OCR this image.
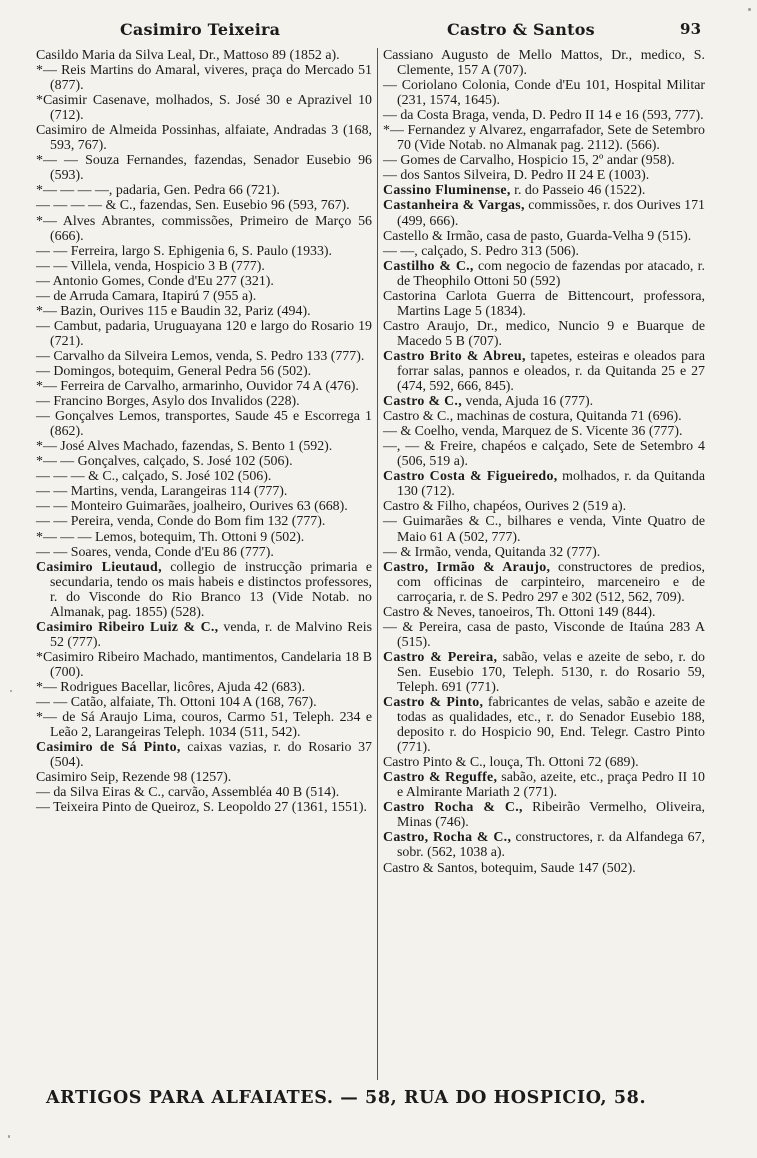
Casimiro Teixeira	Castro & Santos	93

Casildo Maria da Silva Leal, Dr., Mattoso 89 (1852 a).

*— Reis Martins do Amaral, viveres, praça do Mercado 51 (877).

*Casimir Casenave, molhados, S. José 30 e Aprazivel 10 (712).

Casimiro de Almeida Possinhas, alfaiate, Andradas 3 (168, 593, 767).

*— — Souza Fernandes, fazendas, Senador Eusebio 96 (593).

*— — — —, padaria, Gen. Pedra 66 (721).

— — — — & C., fazendas, Sen. Eusebio 96 (593, 767).

*— Alves Abrantes, commissões, Primeiro de Março 56 (666).

— — Ferreira, largo S. Ephigenia 6, S. Paulo (1933).

— — Villela, venda, Hospicio 3 B (777).

— Antonio Gomes, Conde d'Eu 277 (321).

— de Arruda Camara, Itapirú 7 (955 a).

*— Bazin, Ourives 115 e Baudin 32, Pariz (494).

— Cambut, padaria, Uruguayana 120 e largo do Rosario 19 (721).

— Carvalho da Silveira Lemos, venda, S. Pedro 133 (777).

— Domingos, botequim, General Pedra 56 (502).

*— Ferreira de Carvalho, armarinho, Ouvidor 74 A (476).

— Francino Borges, Asylo dos Invalidos (228).

— Gonçalves Lemos, transportes, Saude 45 e Escorrega 1 (862).

*— José Alves Machado, fazendas, S. Bento 1 (592).

*— — Gonçalves, calçado, S. José 102 (506).

— — — & C., calçado, S. José 102 (506).

— — Martins, venda, Larangeiras 114 (777).

— — Monteiro Guimarães, joalheiro, Ourives 63 (668).

— — Pereira, venda, Conde do Bom fim 132 (777).

*— — — Lemos, botequim, Th. Ottoni 9 (502).

— — Soares, venda, Conde d'Eu 86 (777).

Casimiro Lieutaud, collegio de instrucção primaria e secundaria, tendo os mais habeis e distinctos professores, r. do Visconde do Rio Branco 13 (Vide Notab. no Almanak, pag. 1855) (528).

Casimiro Ribeiro Luiz & C., venda, r. de Malvino Reis 52 (777).

*Casimiro Ribeiro Machado, mantimentos, Candelaria 18 B (700).

*— Rodrigues Bacellar, licôres, Ajuda 42 (683).

— — Catão, alfaiate, Th. Ottoni 104 A (168, 767).

*— de Sá Araujo Lima, couros, Carmo 51, Teleph. 234 e Leão 2, Larangeiras Teleph. 1034 (511, 542).

Casimiro de Sá Pinto, caixas vazias, r. do Rosario 37 (504).

Casimiro Seip, Rezende 98 (1257).

— da Silva Eiras & C., carvão, Assembléa 40 B (514).

— Teixeira Pinto de Queiroz, S. Leopoldo 27 (1361, 1551).

Cassiano Augusto de Mello Mattos, Dr., medico, S. Clemente, 157 A (707).

— Coriolano Colonia, Conde d'Eu 101, Hospital Militar (231, 1574, 1645).

— da Costa Braga, venda, D. Pedro II 14 e 16 (593, 777).

*— Fernandez y Alvarez, engarrafador, Sete de Setembro 70 (Vide Notab. no Almanak pag. 2112). (566).

— Gomes de Carvalho, Hospicio 15, 2º andar (958).

— dos Santos Silveira, D. Pedro II 24 E (1003).

Cassino Fluminense, r. do Passeio 46 (1522).

Castanheira & Vargas, commissões, r. dos Ourives 171 (499, 666).

Castello & Irmão, casa de pasto, Guarda-Velha 9 (515).

— —, calçado, S. Pedro 313 (506).

Castilho & C., com negocio de fazendas por atacado, r. de Theophilo Ottoni 50 (592)

Castorina Carlota Guerra de Bittencourt, professora, Martins Lage 5 (1834).

Castro Araujo, Dr., medico, Nuncio 9 e Buarque de Macedo 5 B (707).

Castro Brito & Abreu, tapetes, esteiras e oleados para forrar salas, pannos e oleados, r. da Quitanda 25 e 27 (474, 592, 666, 845).

Castro & C., venda, Ajuda 16 (777).

Castro & C., machinas de costura, Quitanda 71 (696).

— & Coelho, venda, Marquez de S. Vicente 36 (777).

—, — & Freire, chapéos e calçado, Sete de Setembro 4 (506, 519 a).

Castro Costa & Figueiredo, molhados, r. da Quitanda 130 (712).

Castro & Filho, chapéos, Ourives 2 (519 a).

— Guimarães & C., bilhares e venda, Vinte Quatro de Maio 61 A (502, 777).

— & Irmão, venda, Quitanda 32 (777).

Castro, Irmão & Araujo, constructores de predios, com officinas de carpinteiro, marceneiro e de carroçaria, r. de S. Pedro 297 e 302 (512, 562, 709).

Castro & Neves, tanoeiros, Th. Ottoni 149 (844).

— & Pereira, casa de pasto, Visconde de Itaúna 283 A (515).

Castro & Pereira, sabão, velas e azeite de sebo, r. do Sen. Eusebio 170, Teleph. 5130, r. do Rosario 59, Teleph. 691 (771).

Castro & Pinto, fabricantes de velas, sabão e azeite de todas as qualidades, etc., r. do Senador Eusebio 188, deposito r. do Hospicio 90, End. Telegr. Castro Pinto (771).

Castro Pinto & C., louça, Th. Ottoni 72 (689).

Castro & Reguffe, sabão, azeite, etc., praça Pedro II 10 e Almirante Mariath 2 (771).

Castro Rocha & C., Ribeirão Vermelho, Oliveira, Minas (746).

Castro, Rocha & C., constructores, r. da Alfandega 67, sobr. (562, 1038 a).

Castro & Santos, botequim, Saude 147 (502).

ARTIGOS PARA ALFAIATES. — 58, RUA DO HOSPICIO, 58.
